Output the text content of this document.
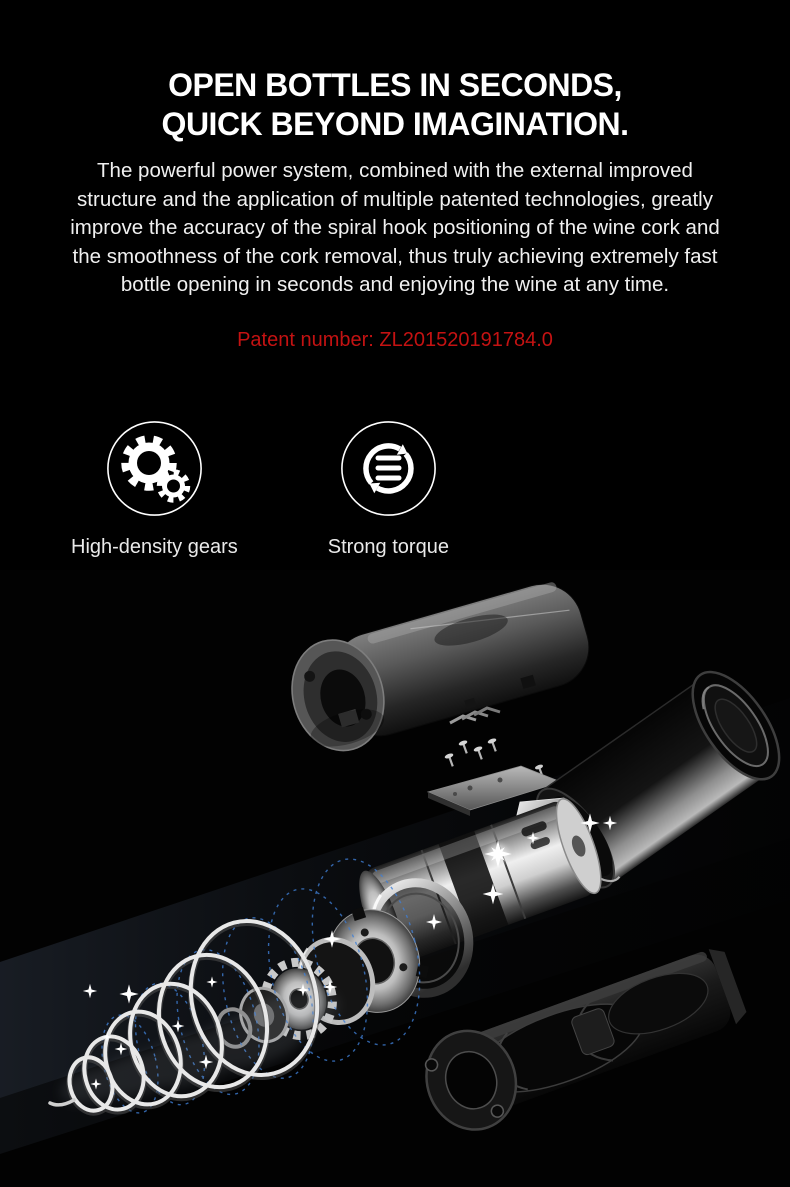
OPEN BOTTLES IN SECONDS,
QUICK BEYOND IMAGINATION.
The powerful power system, combined with the external improved
structure and the application of multiple patented technologies, greatly
improve the accuracy of the spiral hook positioning of the wine cork and
the smoothness of the cork removal, thus truly achieving extremely fast
bottle opening in seconds and enjoying the wine at any time.
Patent number: ZL201520191784.0
High-density gears	Strong torque
